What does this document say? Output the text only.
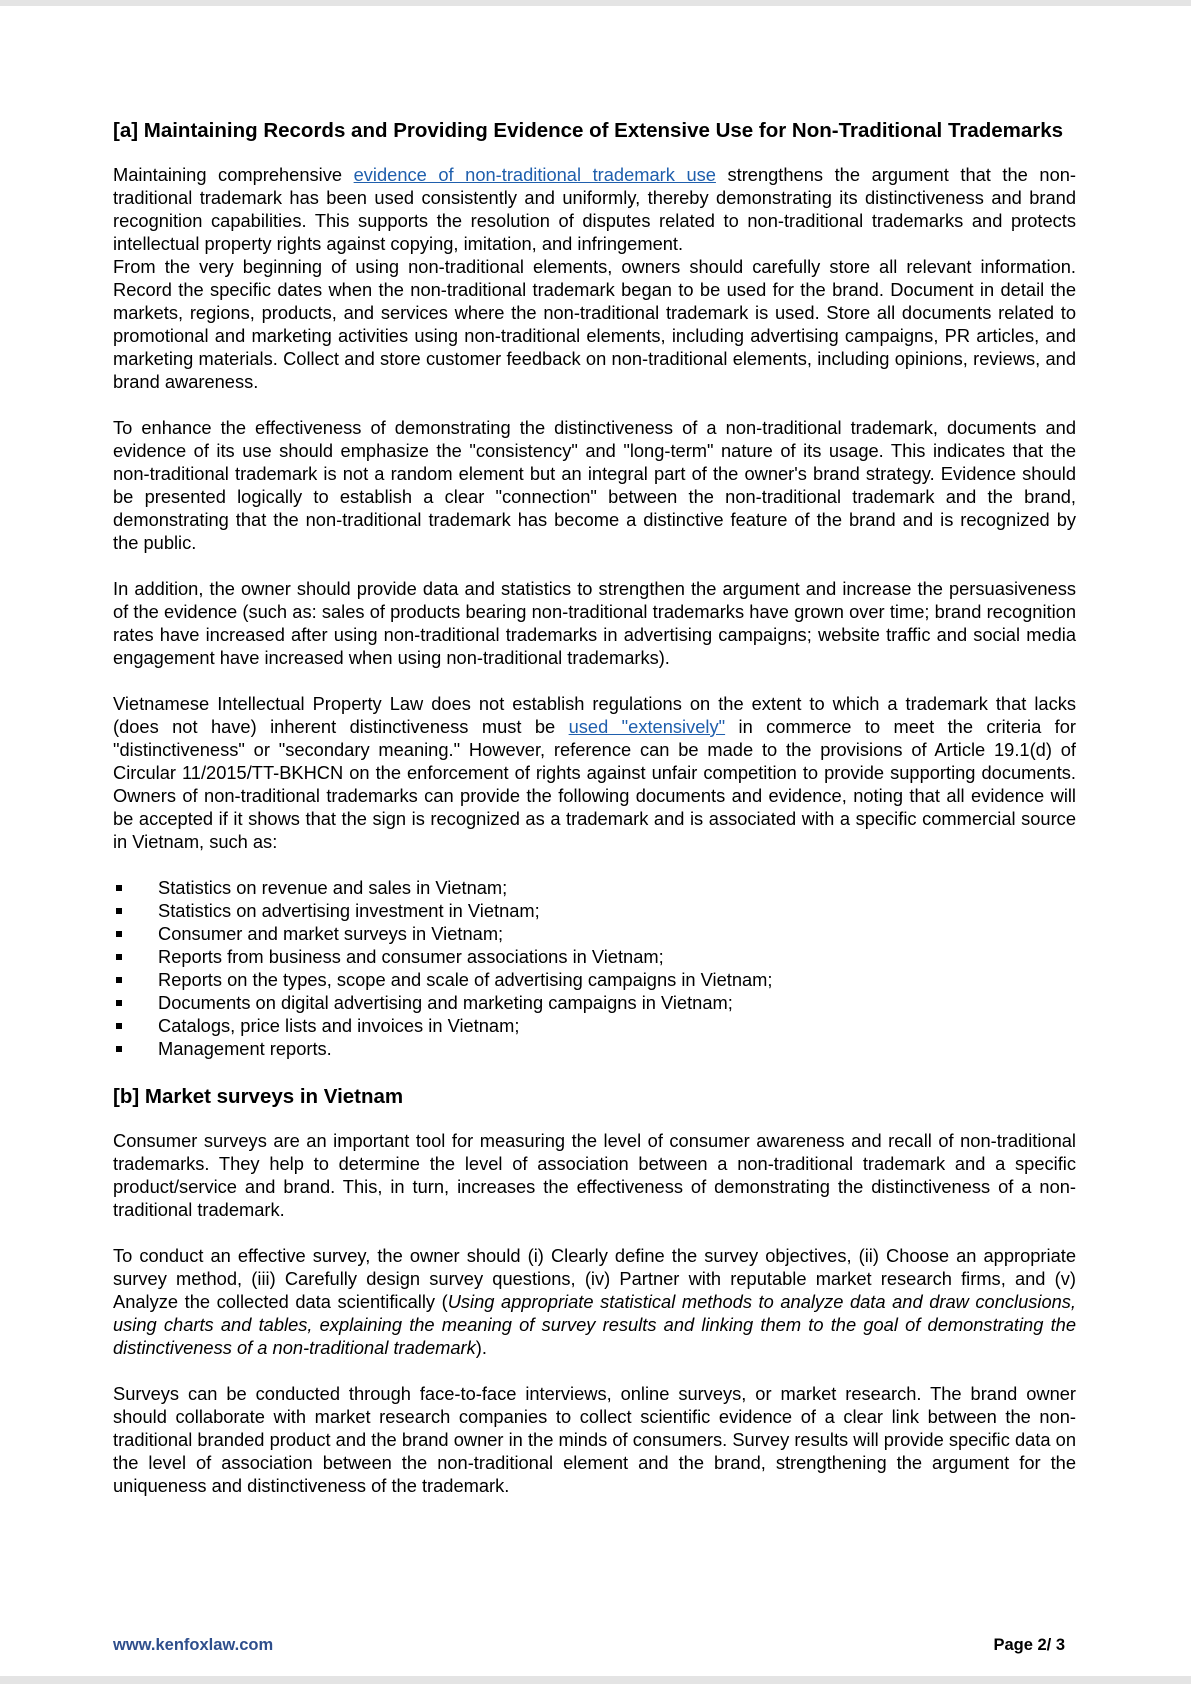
[a] Maintaining Records and Providing Evidence of Extensive Use for Non-Traditional Trademarks

Maintaining comprehensive evidence of non-traditional trademark use strengthens the argument that the non-traditional trademark has been used consistently and uniformly, thereby demonstrating its distinctiveness and brand recognition capabilities. This supports the resolution of disputes related to non-traditional trademarks and protects intellectual property rights against copying, imitation, and infringement.

From the very beginning of using non-traditional elements, owners should carefully store all relevant information. Record the specific dates when the non-traditional trademark began to be used for the brand. Document in detail the markets, regions, products, and services where the non-traditional trademark is used. Store all documents related to promotional and marketing activities using non-traditional elements, including advertising campaigns, PR articles, and marketing materials. Collect and store customer feedback on non-traditional elements, including opinions, reviews, and brand awareness.

To enhance the effectiveness of demonstrating the distinctiveness of a non-traditional trademark, documents and evidence of its use should emphasize the "consistency" and "long-term" nature of its usage. This indicates that the non-traditional trademark is not a random element but an integral part of the owner's brand strategy. Evidence should be presented logically to establish a clear "connection" between the non-traditional trademark and the brand, demonstrating that the non-traditional trademark has become a distinctive feature of the brand and is recognized by the public.

In addition, the owner should provide data and statistics to strengthen the argument and increase the persuasiveness of the evidence (such as: sales of products bearing non-traditional trademarks have grown over time; brand recognition rates have increased after using non-traditional trademarks in advertising campaigns; website traffic and social media engagement have increased when using non-traditional trademarks).

Vietnamese Intellectual Property Law does not establish regulations on the extent to which a trademark that lacks (does not have) inherent distinctiveness must be used "extensively" in commerce to meet the criteria for "distinctiveness" or "secondary meaning." However, reference can be made to the provisions of Article 19.1(d) of Circular 11/2015/TT-BKHCN on the enforcement of rights against unfair competition to provide supporting documents. Owners of non-traditional trademarks can provide the following documents and evidence, noting that all evidence will be accepted if it shows that the sign is recognized as a trademark and is associated with a specific commercial source in Vietnam, such as:

Statistics on revenue and sales in Vietnam;
Statistics on advertising investment in Vietnam;
Consumer and market surveys in Vietnam;
Reports from business and consumer associations in Vietnam;
Reports on the types, scope and scale of advertising campaigns in Vietnam;
Documents on digital advertising and marketing campaigns in Vietnam;
Catalogs, price lists and invoices in Vietnam;
Management reports.
[b] Market surveys in Vietnam

Consumer surveys are an important tool for measuring the level of consumer awareness and recall of non-traditional trademarks. They help to determine the level of association between a non-traditional trademark and a specific product/service and brand. This, in turn, increases the effectiveness of demonstrating the distinctiveness of a non-traditional trademark.

To conduct an effective survey, the owner should (i) Clearly define the survey objectives, (ii) Choose an appropriate survey method, (iii) Carefully design survey questions, (iv) Partner with reputable market research firms, and (v) Analyze the collected data scientifically (Using appropriate statistical methods to analyze data and draw conclusions, using charts and tables, explaining the meaning of survey results and linking them to the goal of demonstrating the distinctiveness of a non-traditional trademark).

Surveys can be conducted through face-to-face interviews, online surveys, or market research. The brand owner should collaborate with market research companies to collect scientific evidence of a clear link between the non-traditional branded product and the brand owner in the minds of consumers. Survey results will provide specific data on the level of association between the non-traditional element and the brand, strengthening the argument for the uniqueness and distinctiveness of the trademark.

www.kenfoxlaw.com	Page 2/ 3
